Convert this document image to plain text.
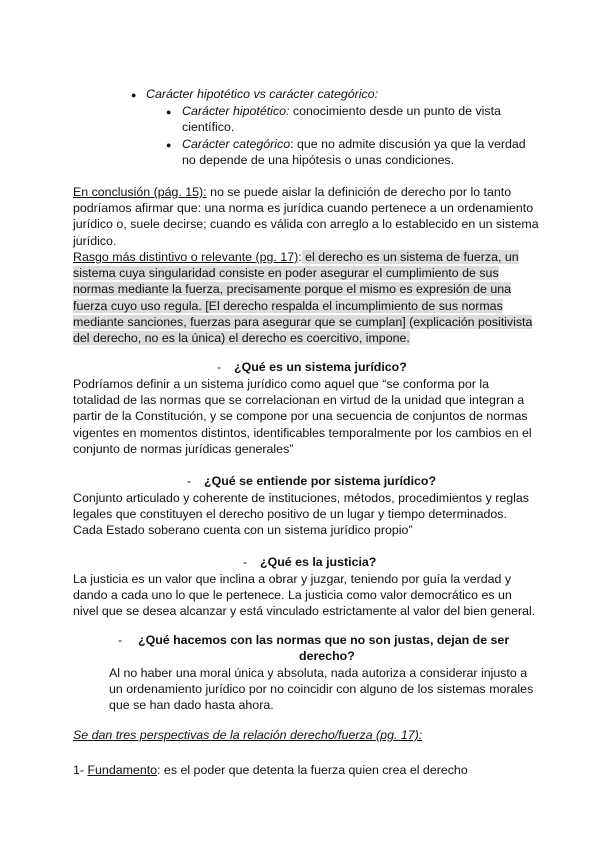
● Carácter hipotético vs carácter categórico:

● Carácter hipotético: conocimiento desde un punto de vista
científico.
● Carácter categórico: que no admite discusión ya que la verdad
no depende de una hipótesis o unas condiciones.
En conclusión (pág. 15): no se puede aislar la definición de derecho por lo tanto
podríamos afirmar que: una norma es jurídica cuando pertenece a un ordenamiento
jurídico o, suele decirse; cuando es válida con arreglo a lo establecido en un sistema
jurídico.
Rasgo más distintivo o relevante (pg. 17): el derecho es un sistema de fuerza, un
sistema cuya singularidad consiste en poder asegurar el cumplimiento de sus
normas mediante la fuerza, precisamente porque el mismo es expresión de una
fuerza cuyo uso regula. [El derecho respalda el incumplimiento de sus normas
mediante sanciones, fuerzas para asegurar que se cumplan] (explicación positivista
del derecho, no es la única) el derecho es coercitivo, impone.
- ¿Qué es un sistema jurídico?

Podríamos definir a un sistema jurídico como aquel que “se conforma por la
totalidad de las normas que se correlacionan en virtud de la unidad que integran a
partir de la Constitución, y se compone por una secuencia de conjuntos de normas
vigentes en momentos distintos, identificables temporalmente por los cambios en el
conjunto de normas jurídicas generales”
- ¿Qué se entiende por sistema jurídico?

Conjunto articulado y coherente de instituciones, métodos, procedimientos y reglas
legales que constituyen el derecho positivo de un lugar y tiempo determinados.
Cada Estado soberano cuenta con un sistema jurídico propio”
- ¿Qué es la justicia?

La justicia es un valor que inclina a obrar y juzgar, teniendo por guía la verdad y
dando a cada uno lo que le pertenece. La justicia como valor democrático es un
nivel que se desea alcanzar y está vinculado estrictamente al valor del bien general.
- ¿Qué hacemos con las normas que no son justas, dejan de ser

derecho?

Al no haber una moral única y absoluta, nada autoriza a considerar injusto a
un ordenamiento jurídico por no coincidir con alguno de los sistemas morales
que se han dado hasta ahora.

Se dan tres perspectivas de la relación derecho/fuerza (pg. 17):

1- Fundamento: es el poder que detenta la fuerza quien crea el derecho
